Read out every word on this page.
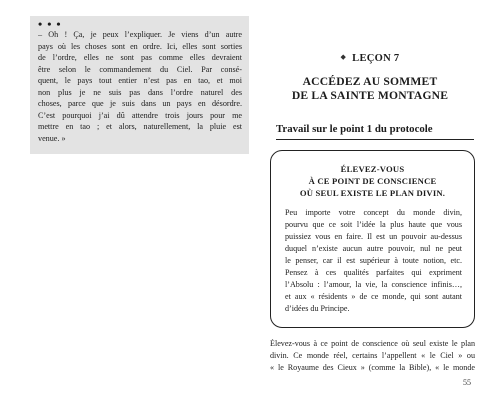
• • •
– Oh ! Ça, je peux l’expliquer. Je viens d’un autre
pays où les choses sont en ordre. Ici, elles sont sorties
de l’ordre, elles ne sont pas comme elles devraient
être selon le commandement du Ciel. Par consé-
quent, le pays tout entier n’est pas en tao, et moi
non plus je ne suis pas dans l’ordre naturel des
choses, parce que je suis dans un pays en désordre.
C’est pourquoi j’ai dû attendre trois jours pour me
mettre en tao ; et alors, naturellement, la pluie est
venue. »
◆ LEÇON 7
ACCÉDEZ AU SOMMET
DE LA SAINTE MONTAGNE
Travail sur le point 1 du protocole
ÉLEVEZ-VOUS
À CE POINT DE CONSCIENCE
OÙ SEUL EXISTE LE PLAN DIVIN.
Peu importe votre concept du monde divin,
pourvu que ce soit l’idée la plus haute que vous
puissiez vous en faire. Il est un pouvoir au-dessus
duquel n’existe aucun autre pouvoir, nul ne peut
le penser, car il est supérieur à toute notion, etc.
Pensez à ces qualités parfaites qui expriment
l’Absolu : l’amour, la vie, la conscience infinis…,
et aux « résidents » de ce monde, qui sont autant
d’idées du Principe.
Élevez-vous à ce point de conscience où seul existe le plan
divin. Ce monde réel, certains l’appellent « le Ciel » ou
« le Royaume des Cieux » (comme la Bible), « le monde
55
